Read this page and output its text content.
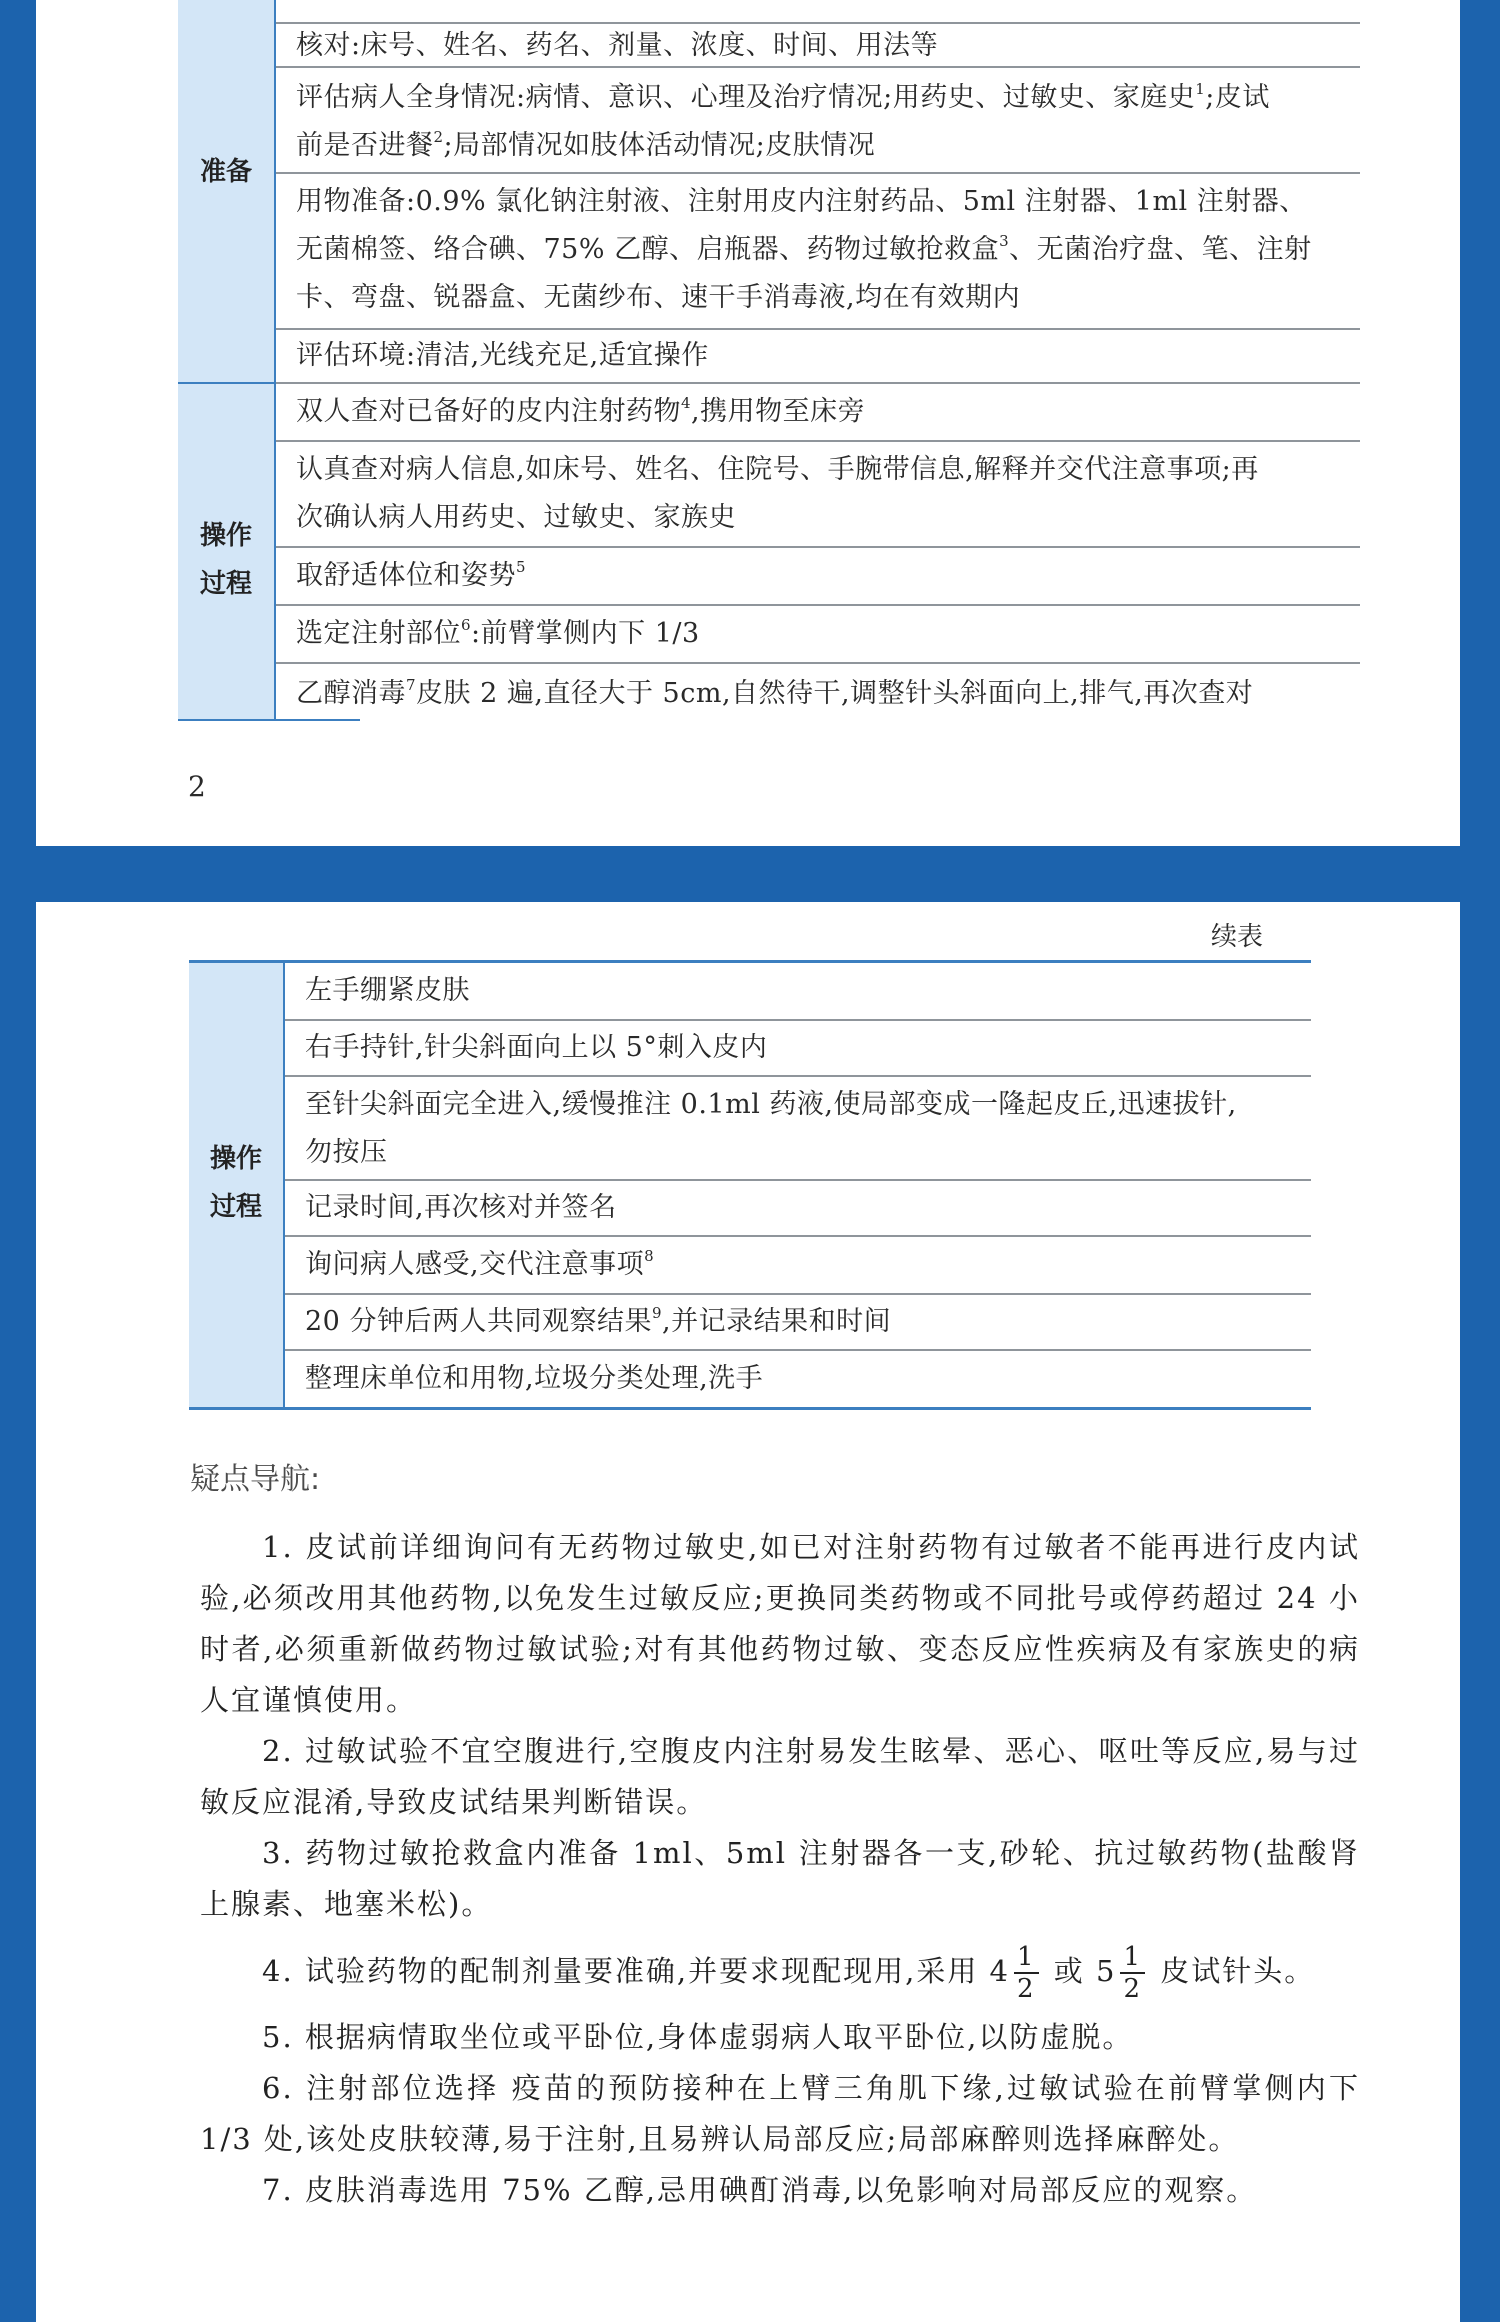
准备
操作
过程
核对:床号、姓名、药名、剂量、浓度、时间、用法等
评估病人全身情况:病情、意识、心理及治疗情况;用药史、过敏史、家庭史$^1$;皮试
前是否进餐$^2$;局部情况如肢体活动情况;皮肤情况
用物准备:0.9% 氯化钠注射液、注射用皮内注射药品、5ml 注射器、1ml 注射器、
无菌棉签、络合碘、75% 乙醇、启瓶器、药物过敏抢救盒$^3$、无菌治疗盘、笔、注射
卡、弯盘、锐器盒、无菌纱布、速干手消毒液,均在有效期内
评估环境:清洁,光线充足,适宜操作
双人查对已备好的皮内注射药物$^4$,携用物至床旁
认真查对病人信息,如床号、姓名、住院号、手腕带信息,解释并交代注意事项;再
次确认病人用药史、过敏史、家族史
取舒适体位和姿势$^5$
选定注射部位$^6$:前臂掌侧内下 1/3
乙醇消毒$^7$皮肤 2 遍,直径大于 5cm,自然待干,调整针头斜面向上,排气,再次查对
2
续表
操作
过程
左手绷紧皮肤
右手持针,针尖斜面向上以 5°刺入皮内
至针尖斜面完全进入,缓慢推注 0.1ml 药液,使局部变成一隆起皮丘,迅速拔针,
勿按压
记录时间,再次核对并签名
询问病人感受,交代注意事项$^8$
20 分钟后两人共同观察结果$^9$,并记录结果和时间
整理床单位和用物,垃圾分类处理,洗手
疑点导航:

1. 皮试前详细询问有无药物过敏史,如已对注射药物有过敏者不能再进行皮内试验,必须改用其他药物,以免发生过敏反应;更换同类药物或不同批号或停药超过 24 小时者,必须重新做药物过敏试验;对有其他药物过敏、变态反应性疾病及有家族史的病人宜谨慎使用。

2. 过敏试验不宜空腹进行,空腹皮内注射易发生眩晕、恶心、呕吐等反应,易与过敏反应混淆,导致皮试结果判断错误。

3. 药物过敏抢救盒内准备 1ml、5ml 注射器各一支,砂轮、抗过敏药物(盐酸肾上腺素、地塞米松)。

4. 试验药物的配制剂量要准确,并要求现配现用,采用 $4 \frac{1}{2}$ 或 $5 \frac{1}{2}$ 皮试针头。

5. 根据病情取坐位或平卧位,身体虚弱病人取平卧位,以防虚脱。

6. 注射部位选择 疫苗的预防接种在上臂三角肌下缘,过敏试验在前臂掌侧内下 1/3 处,该处皮肤较薄,易于注射,且易辨认局部反应;局部麻醉则选择麻醉处。

7. 皮肤消毒选用 75% 乙醇,忌用碘酊消毒,以免影响对局部反应的观察。
